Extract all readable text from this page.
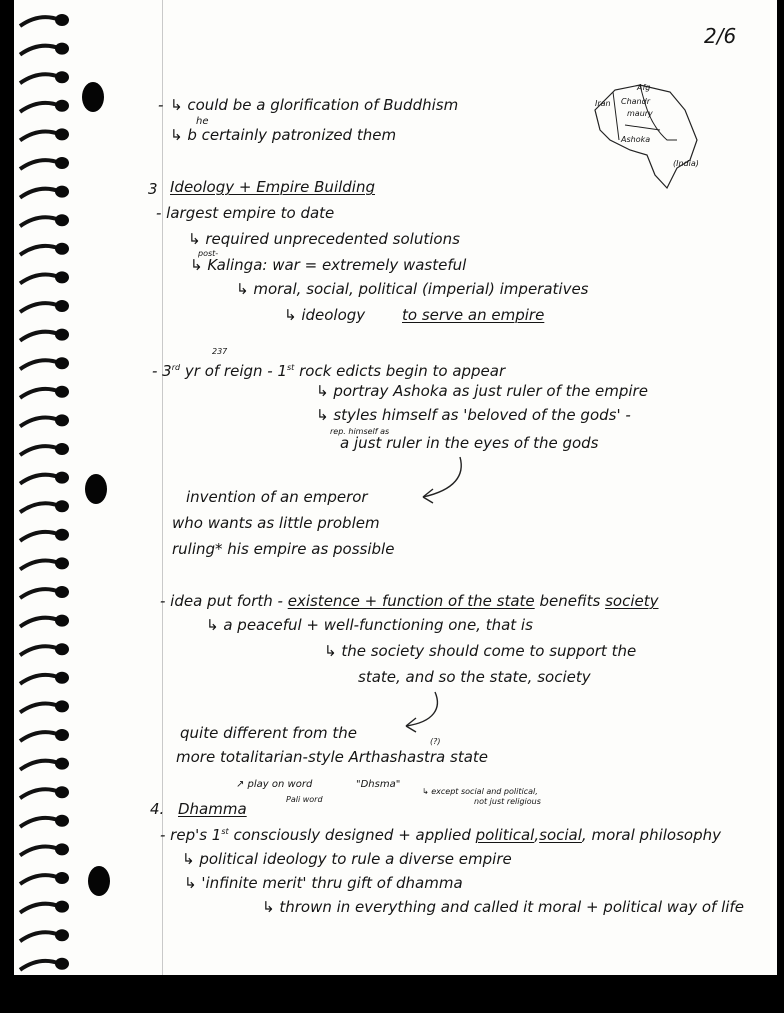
2/6
- ↳ could be a glorification of Buddhism
he
↳ b certainly patronized them
Afg
Iran Chandr
maury
Ashoka
(India)
3 Ideology + Empire Building
- largest empire to date
↳ required unprecedented solutions
post-
↳ Kalinga: war = extremely wasteful
↳ moral, social, political (imperial) imperatives
↳ ideology to serve an empire
237
- 3rd yr of reign - 1st rock edicts begin to appear
↳ portray Ashoka as just ruler of the empire
↳ styles himself as 'beloved of the gods' -
rep. himself as
a just ruler in the eyes of the gods
invention of an emperor
who wants as little problem
ruling* his empire as possible
- idea put forth - existence + function of the state benefits society
↳ a peaceful + well-functioning one, that is
↳ the society should come to support the
state, and so the state, society
quite different from the	(?)
more totalitarian-style Arthashastra state
↗ play on word
Pali word
"Dhsma"
↳ except social and political,
not just religious
4. Dhamma
- rep's 1st consciously designed + applied political,social, moral philosophy
↳ political ideology to rule a diverse empire
↳ 'infinite merit' thru gift of dhamma
↳ thrown in everything and called it moral + political way of life
